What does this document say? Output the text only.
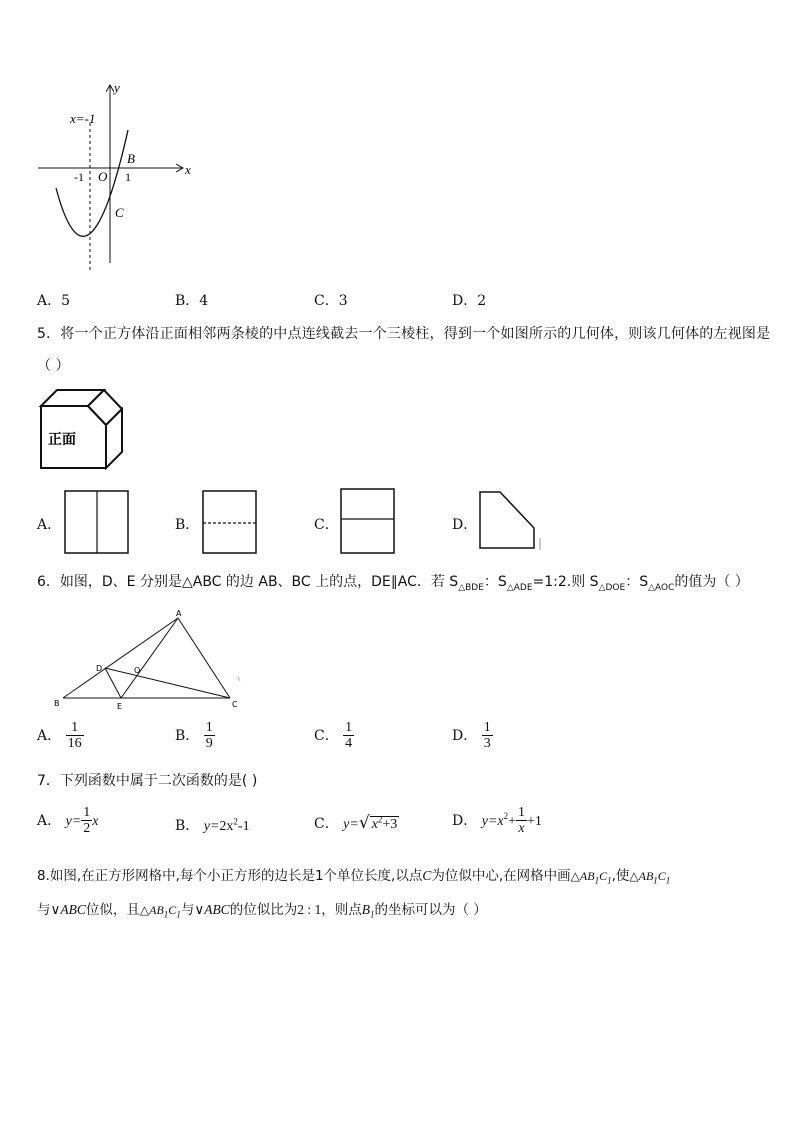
x
y
x=-1
-1 O 1
B
C
A．5	B．4	C．3	D．2
5．将一个正方体沿正面相邻两条棱的中点连线截去一个三棱柱，得到一个如图所示的几何体，则该几何体的左视图是
（ ）
正面
A．	B．	C．	D．
6．如图，D、E 分别是△ABC 的边 AB、BC 上的点，DE∥AC．若 $S_{\triangle BDE}$：$S_{\triangle ADE}=1:2$.则 $S_{\triangle DOE}$：$S_{\triangle AOC}$的值为（ ）
A
B	C
D
E
O
A． $\frac{1}{16}$	B． $\frac{1}{9}$	C． $\frac{1}{4}$	D． $\frac{1}{3}$
7．下列函数中属于二次函数的是( )
A． $y= \frac{1}{2}$ x	B． $y=2x^2-1$	C． y=√ $x^2+3$	D． $y=x^2+ \frac{1}{x} +1$
8.如图,在正方形网格中,每个小正方形的边长是1个单位长度,以点C为位似中心,在网格中画$\triangle AB_1C_1$,使$\triangle AB_1C_1$
与∨ABC位似，且$\triangle AB_1C_1$与∨ABC的位似比为2 : 1，则点$B_1$的坐标可以为（ ）
